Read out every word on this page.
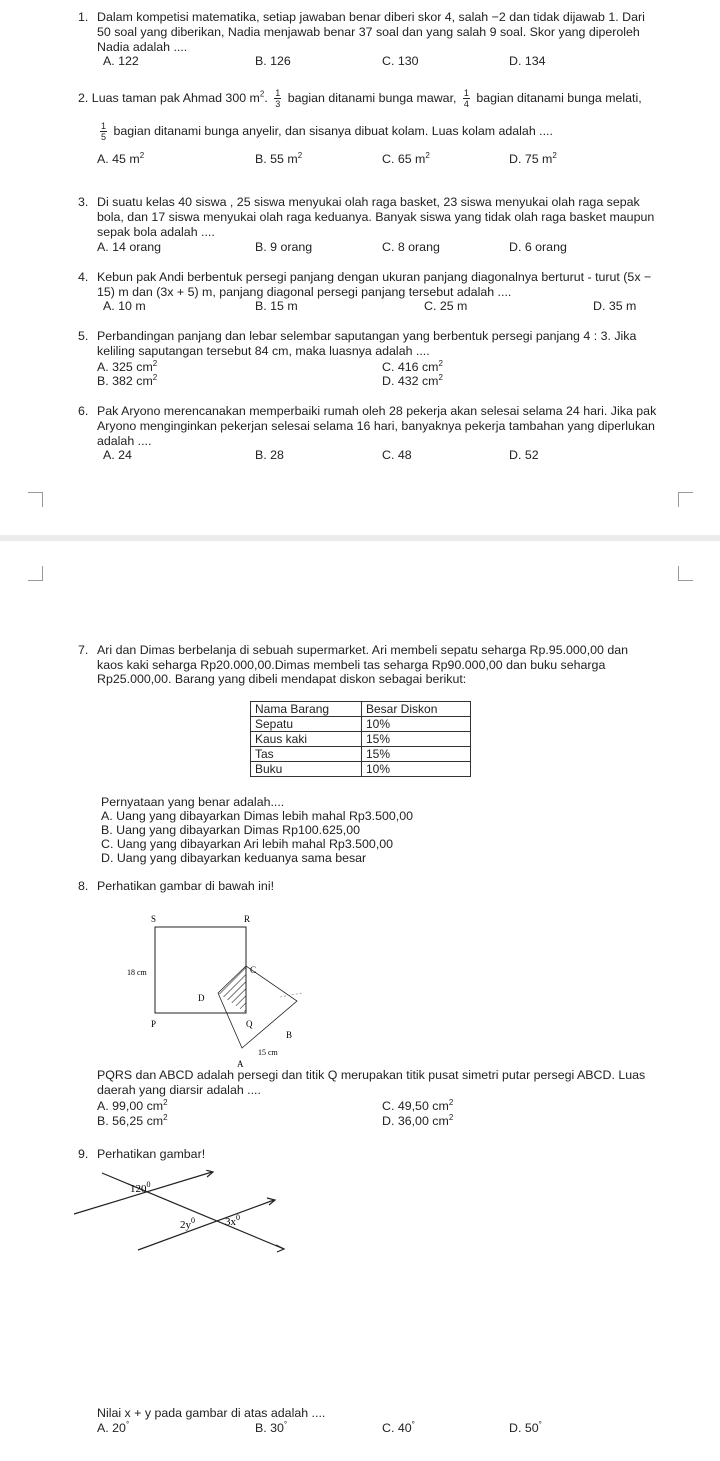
1. Dalam kompetisi matematika, setiap jawaban benar diberi skor 4, salah −2 dan tidak dijawab 1. Dari
50 soal yang diberikan, Nadia menjawab benar 37 soal dan yang salah 9 soal. Skor yang diperoleh
Nadia adalah ....
A. 122	B. 126	C. 130	D. 134
2. Luas taman pak Ahmad 300 $m^2$. $\frac{1}{3}$ bagian ditanami bunga mawar, $\frac{1}{4}$ bagian ditanami bunga melati,
$\frac{1}{5}$ bagian ditanami bunga anyelir, dan sisanya dibuat kolam. Luas kolam adalah ....
A. 45 $m^2$	B. 55 $m^2$	C. 65 $m^2$	D. 75 $m^2$
3. Di suatu kelas 40 siswa , 25 siswa menyukai olah raga basket, 23 siswa menyukai olah raga sepak
bola, dan 17 siswa menyukai olah raga keduanya. Banyak siswa yang tidak olah raga basket maupun
sepak bola adalah ....
A. 14 orang	B. 9 orang	C. 8 orang	D. 6 orang
4. Kebun pak Andi berbentuk persegi panjang dengan ukuran panjang diagonalnya berturut - turut (5x −
15) m dan (3x + 5) m, panjang diagonal persegi panjang tersebut adalah ....
A. 10 m	B. 15 m	C. 25 m	D. 35 m
5. Perbandingan panjang dan lebar selembar saputangan yang berbentuk persegi panjang 4 : 3. Jika
keliling saputangan tersebut 84 cm, maka luasnya adalah ....
A. 325 $cm^2$
B. 382 $cm^2$
C. 416 $cm^2$
D. 432 $cm^2$
6. Pak Aryono merencanakan memperbaiki rumah oleh 28 pekerja akan selesai selama 24 hari. Jika pak
Aryono menginginkan pekerjan selesai selama 16 hari, banyaknya pekerja tambahan yang diperlukan
adalah ....
A. 24	B. 28	C. 48	D. 52
7. Ari dan Dimas berbelanja di sebuah supermarket. Ari membeli sepatu seharga Rp.95.000,00 dan
kaos kaki seharga Rp20.000,00.Dimas membeli tas seharga Rp90.000,00 dan buku seharga
Rp25.000,00. Barang yang dibeli mendapat diskon sebagai berikut:
Nama Barang	Besar Diskon
Sepatu	10%
Kaus kaki	15%
Tas	15%
Buku	10%
Pernyataan yang benar adalah....
A. Uang yang dibayarkan Dimas lebih mahal Rp3.500,00
B. Uang yang dibayarkan Dimas Rp100.625,00
C. Uang yang dibayarkan Ari lebih mahal Rp3.500,00
D. Uang yang dibayarkan keduanya sama besar
8. Perhatikan gambar di bawah ini!
S	R
P	Q
18 cm	C
D
B
15 cm
A
PQRS dan ABCD adalah persegi dan titik Q merupakan titik pusat simetri putar persegi ABCD. Luas
daerah yang diarsir adalah ....
A. 99,00 $cm^2$
B. 56,25 $cm^2$
C. 49,50 $cm^2$
D. 36,00 $cm^2$
9. Perhatikan gambar!
$120^0$
$2y^0$	$3x^0$
Nilai x + y pada gambar di atas adalah ....
A. 20°	B. 30°	C. 40°	D. 50°
